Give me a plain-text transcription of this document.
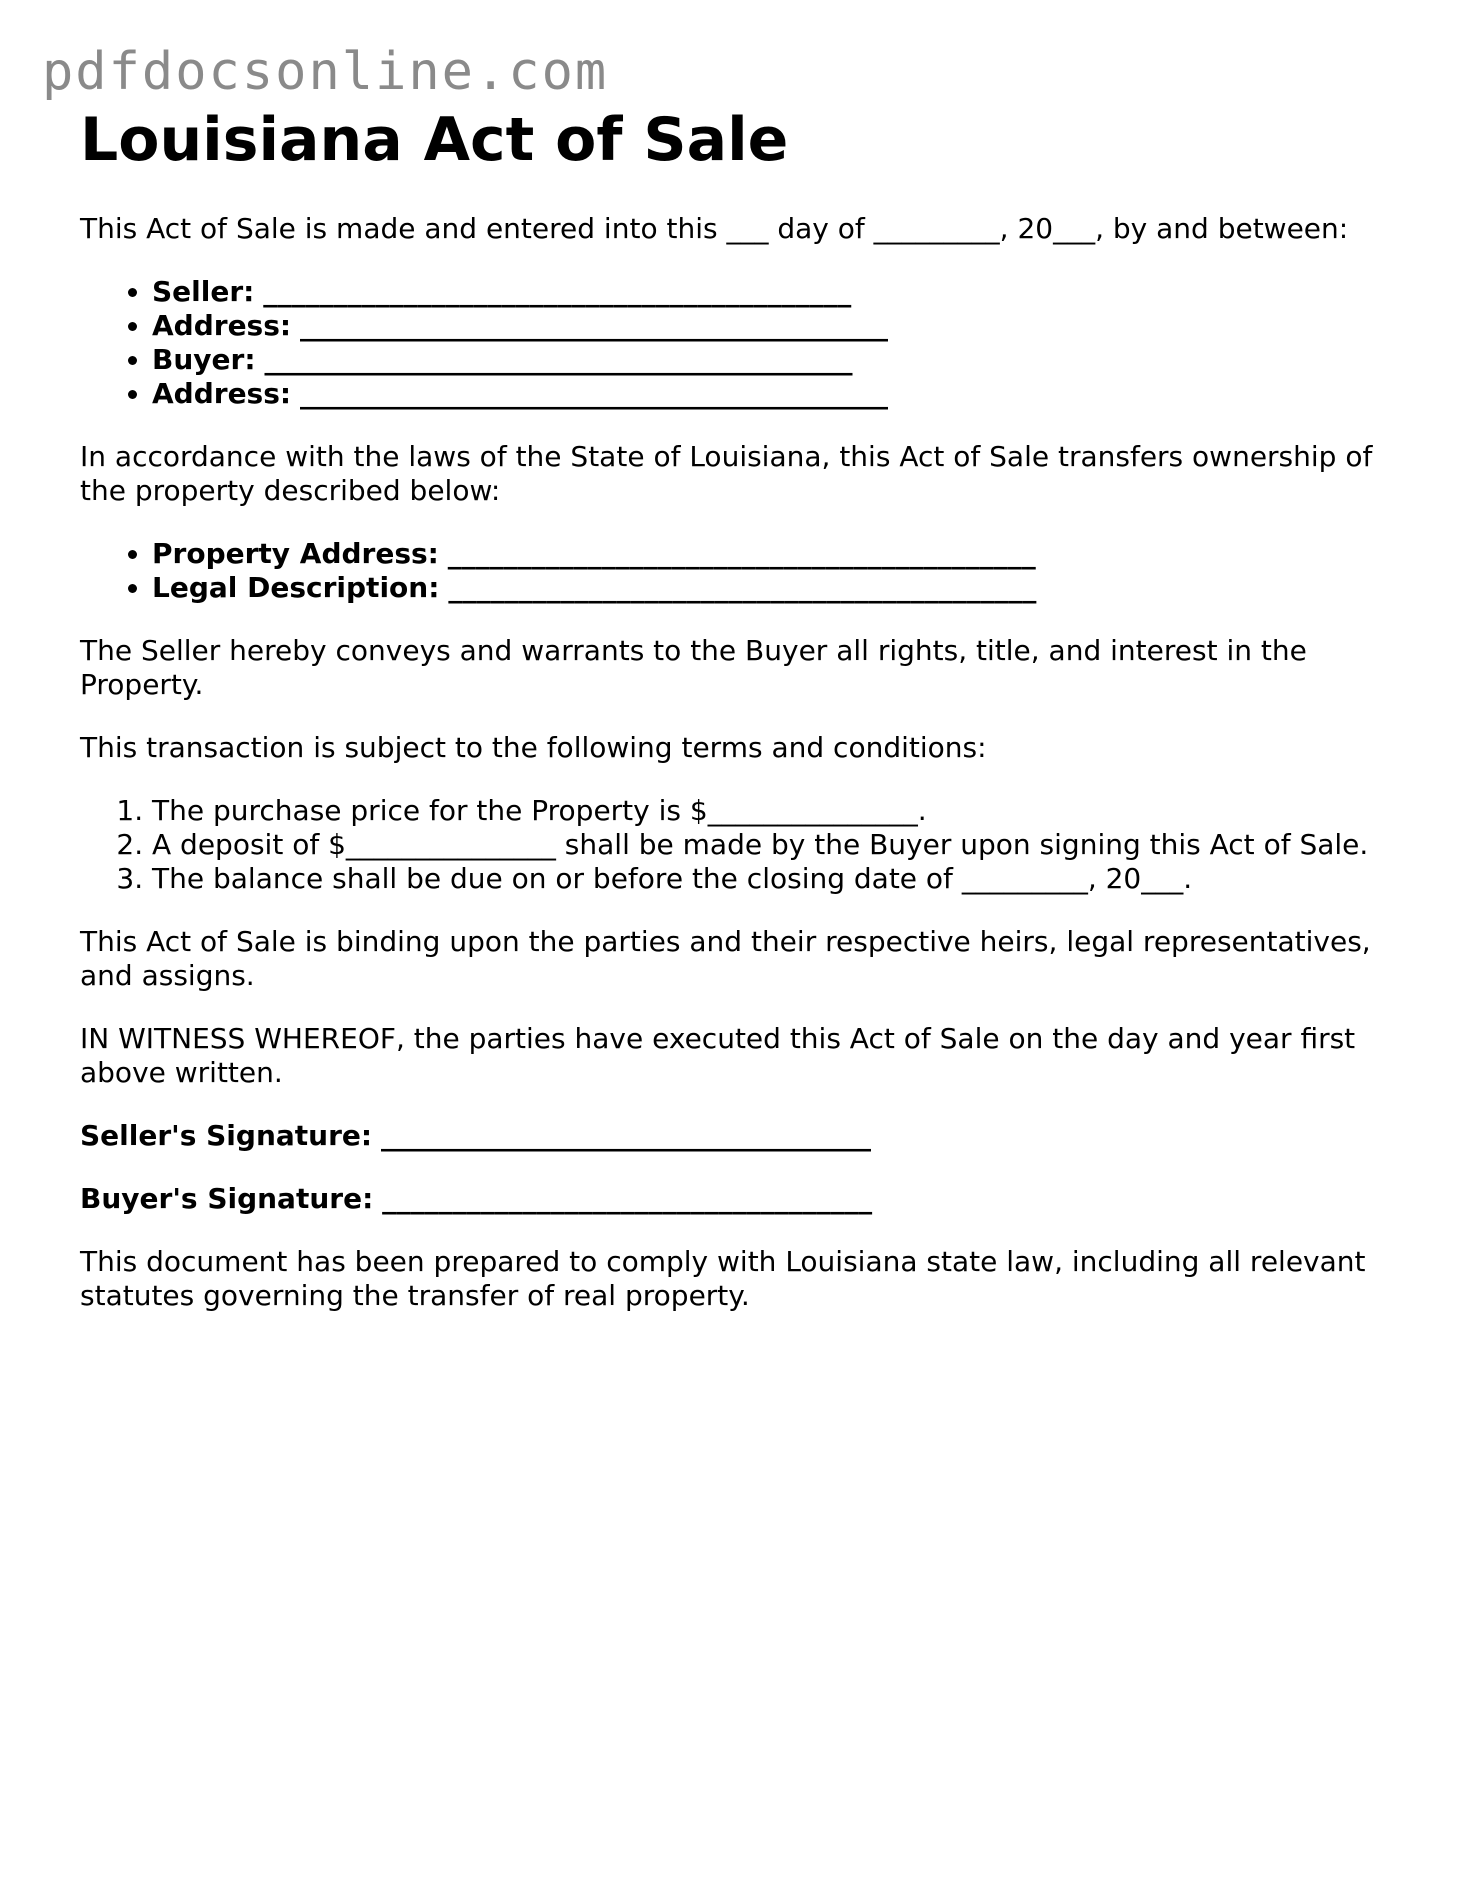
pdfdocsonline.com
Louisiana Act of Sale

This Act of Sale is made and entered into this ___ day of _________, 20___, by and between:

• Seller: __________________________________________
• Address: __________________________________________
• Buyer: __________________________________________
• Address: __________________________________________

In accordance with the laws of the State of Louisiana, this Act of Sale transfers ownership of the property described below:

• Property Address: __________________________________________
• Legal Description: __________________________________________

The Seller hereby conveys and warrants to the Buyer all rights, title, and interest in the Property.

This transaction is subject to the following terms and conditions:

1. The purchase price for the Property is $_______________.
2. A deposit of $_______________ shall be made by the Buyer upon signing this Act of Sale.
3. The balance shall be due on or before the closing date of _________, 20___.

This Act of Sale is binding upon the parties and their respective heirs, legal representatives, and assigns.

IN WITNESS WHEREOF, the parties have executed this Act of Sale on the day and year first above written.

Seller's Signature: ___________________________________

Buyer's Signature: ___________________________________

This document has been prepared to comply with Louisiana state law, including all relevant statutes governing the transfer of real property.
